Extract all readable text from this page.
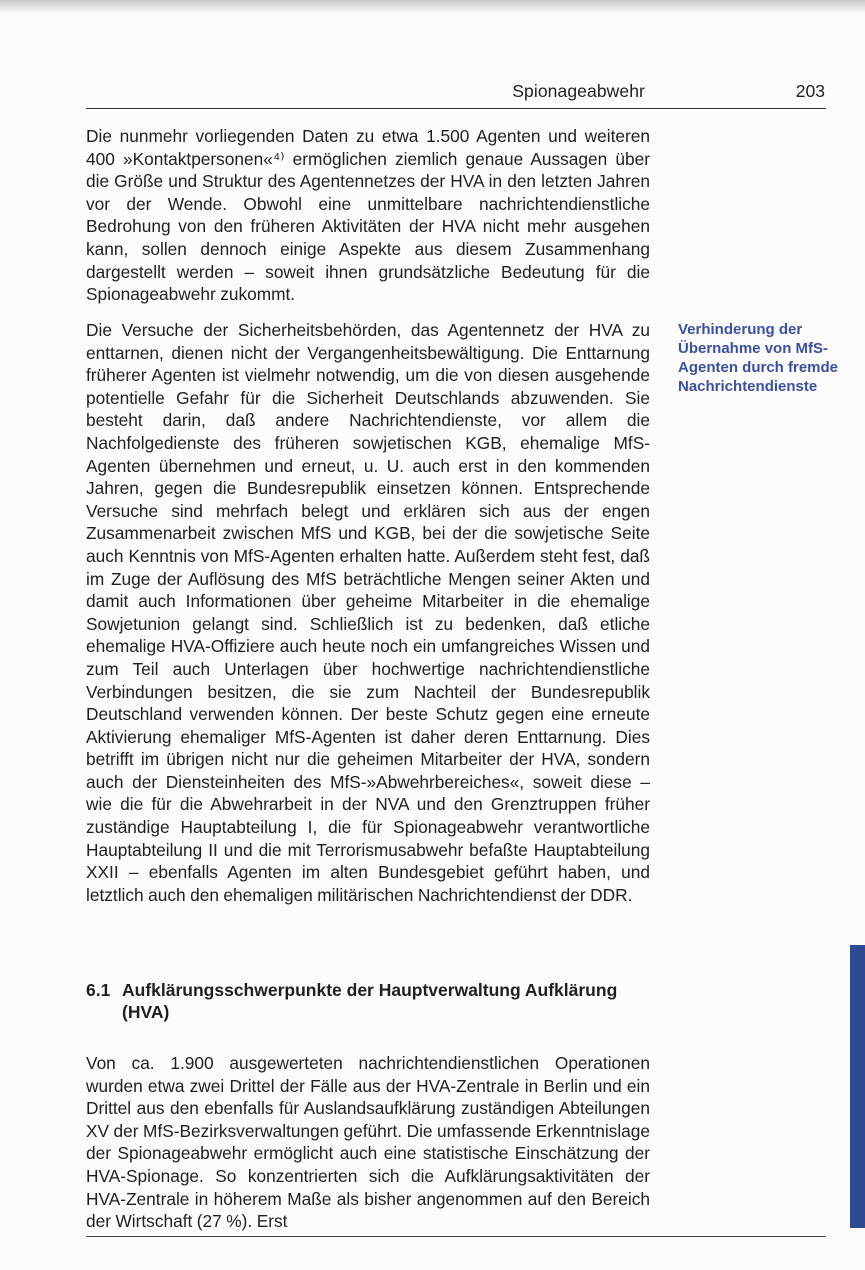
Spionageabwehr	203

Die nunmehr vorliegenden Daten zu etwa 1.500 Agenten und weiteren 400 »Kontaktpersonen«⁴⁾ ermöglichen ziemlich genaue Aussagen über die Größe und Struktur des Agentennetzes der HVA in den letzten Jahren vor der Wende. Obwohl eine unmittelbare nachrichtendienstliche Bedrohung von den früheren Aktivitäten der HVA nicht mehr ausgehen kann, sollen dennoch einige Aspekte aus diesem Zusammenhang dargestellt werden – soweit ihnen grundsätzliche Bedeutung für die Spionageabwehr zukommt.

Die Versuche der Sicherheitsbehörden, das Agentennetz der HVA zu enttarnen, dienen nicht der Vergangenheitsbewältigung. Die Enttarnung früherer Agenten ist vielmehr notwendig, um die von diesen ausgehende potentielle Gefahr für die Sicherheit Deutschlands abzuwenden. Sie besteht darin, daß andere Nachrichtendienste, vor allem die Nachfolgedienste des früheren sowjetischen KGB, ehemalige MfS-Agenten übernehmen und erneut, u. U. auch erst in den kommenden Jahren, gegen die Bundesrepublik einsetzen können. Entsprechende Versuche sind mehrfach belegt und erklären sich aus der engen Zusammenarbeit zwischen MfS und KGB, bei der die sowjetische Seite auch Kenntnis von MfS-Agenten erhalten hatte. Außerdem steht fest, daß im Zuge der Auflösung des MfS beträchtliche Mengen seiner Akten und damit auch Informationen über geheime Mitarbeiter in die ehemalige Sowjetunion gelangt sind. Schließlich ist zu bedenken, daß etliche ehemalige HVA-Offiziere auch heute noch ein umfangreiches Wissen und zum Teil auch Unterlagen über hochwertige nachrichtendienstliche Verbindungen besitzen, die sie zum Nachteil der Bundesrepublik Deutschland verwenden können. Der beste Schutz gegen eine erneute Aktivierung ehemaliger MfS-Agenten ist daher deren Enttarnung. Dies betrifft im übrigen nicht nur die geheimen Mitarbeiter der HVA, sondern auch der Diensteinheiten des MfS-»Abwehrbereiches«, soweit diese – wie die für die Abwehrarbeit in der NVA und den Grenztruppen früher zuständige Hauptabteilung I, die für Spionageabwehr verantwortliche Hauptabteilung II und die mit Terrorismusabwehr befaßte Hauptabteilung XXII – ebenfalls Agenten im alten Bundesgebiet geführt haben, und letztlich auch den ehemaligen militärischen Nachrichtendienst der DDR.

Verhinderung der Übernahme von MfS-Agenten durch fremde Nachrichtendienste
6.1 Aufklärungsschwerpunkte der Hauptverwaltung Aufklärung (HVA)

Von ca. 1.900 ausgewerteten nachrichtendienstlichen Operationen wurden etwa zwei Drittel der Fälle aus der HVA-Zentrale in Berlin und ein Drittel aus den ebenfalls für Auslandsaufklärung zuständigen Abteilungen XV der MfS-Bezirksverwaltungen geführt. Die umfassende Erkenntnislage der Spionageabwehr ermöglicht auch eine statistische Einschätzung der HVA-Spionage. So konzentrierten sich die Aufklärungsaktivitäten der HVA-Zentrale in höherem Maße als bisher angenommen auf den Bereich der Wirtschaft (27 %). Erst
